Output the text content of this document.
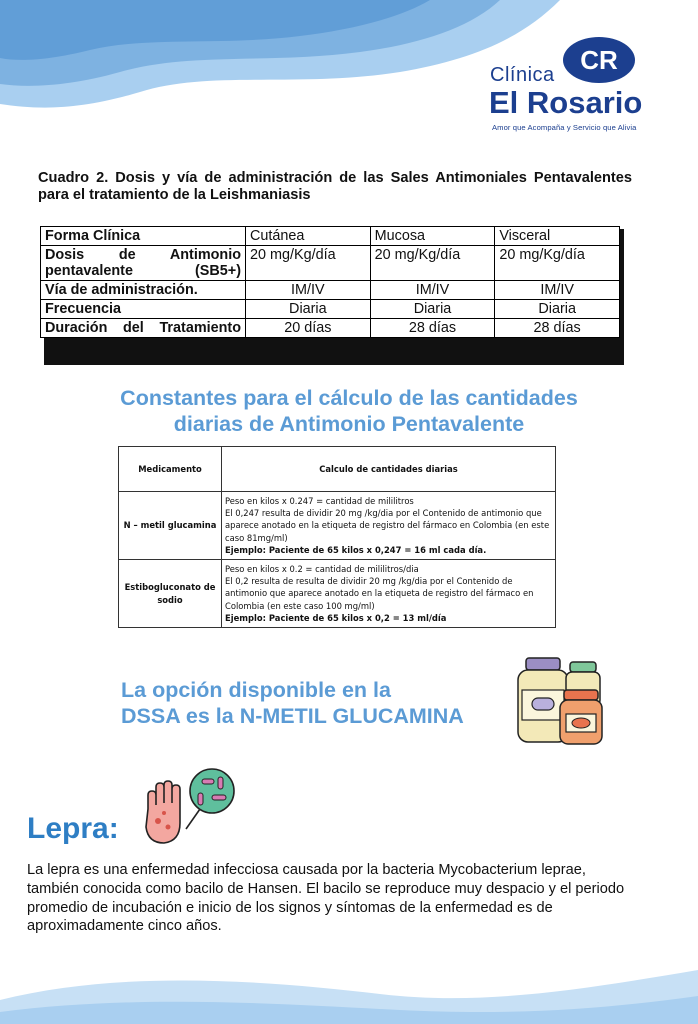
CR
Clínica
El Rosario
Amor que Acompaña y Servicio que Alivia
Cuadro 2. Dosis y vía de administración de las Sales Antimoniales Pentavalentes para el tratamiento de la Leishmaniasis
Forma Clínica	Cutánea	Mucosa	Visceral

Dosis de Antimonio pentavalente (SB5+)	20 mg/Kg/día	20 mg/Kg/día	20 mg/Kg/día
Vía de administración.	IM/IV	IM/IV	IM/IV
Frecuencia	Diaria	Diaria	Diaria

Duración del Tratamiento	20 días	28 días	28 días
Constantes para el cálculo de las cantidades
diarias de Antimonio Pentavalente
Medicamento	Calculo de cantidades diarias
N – metil glucamina	Peso en kilos x 0.247 = cantidad de mililitros
El 0,247 resulta de dividir 20 mg /kg/dia por el Contenido de antimonio que aparece anotado en la etiqueta de registro del fármaco en Colombia (en este caso 81mg/ml)
Ejemplo: Paciente de 65 kilos x 0,247 = 16 ml cada día.

Estibogluconato de sodio	Peso en kilos x 0.2 = cantidad de mililitros/dia
El 0,2 resulta de resulta de dividir 20 mg /kg/dia por el Contenido de antimonio que aparece anotado en la etiqueta de registro del fármaco en Colombia (en este caso 100 mg/ml)
Ejemplo: Paciente de 65 kilos x 0,2 = 13 ml/día
La opción disponible en la
DSSA es la N-METIL GLUCAMINA
Lepra:
La lepra es una enfermedad infecciosa causada por la bacteria Mycobacterium leprae, también conocida como bacilo de Hansen. El bacilo se reproduce muy despacio y el periodo promedio de incubación e inicio de los signos y síntomas de la enfermedad es de aproximadamente cinco años.
